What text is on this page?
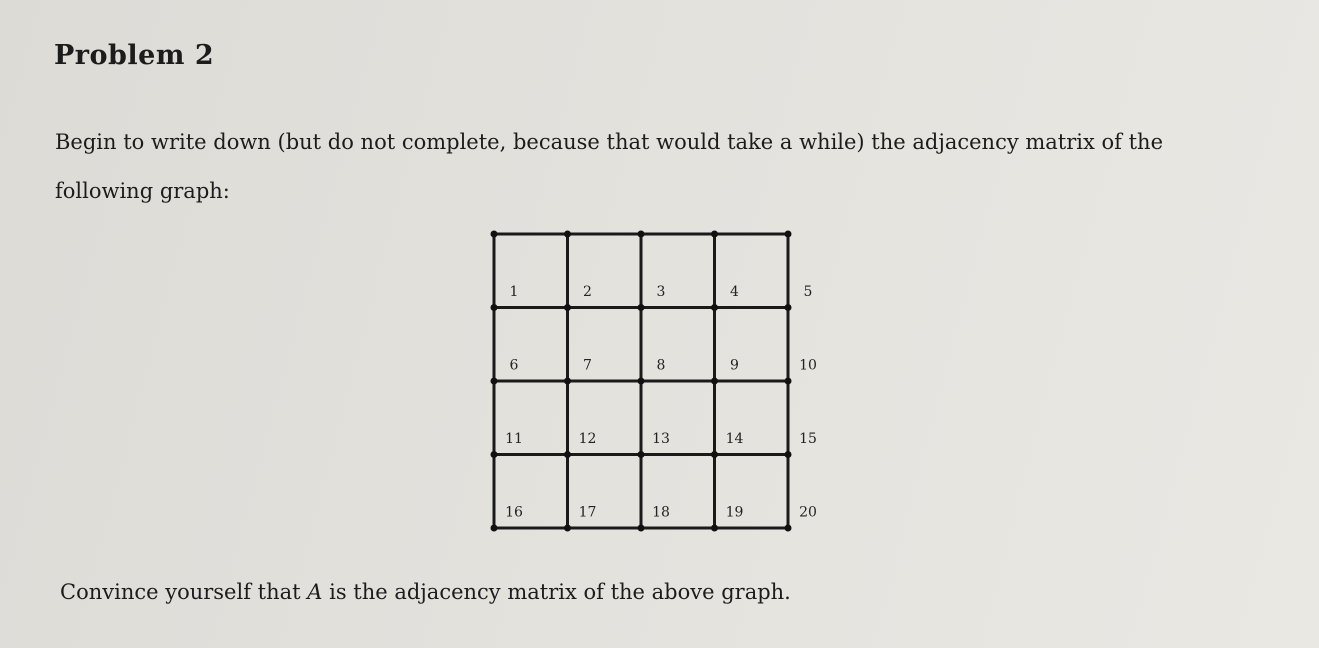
Problem 2
Begin to write down (but do not complete, because that would take a while) the adjacency matrix of the
following graph:
1	2	3	4	5
6	7	8	9	10
11	12	13	14	15
16	17	18	19	20

Convince yourself that A is the adjacency matrix of the above graph.
